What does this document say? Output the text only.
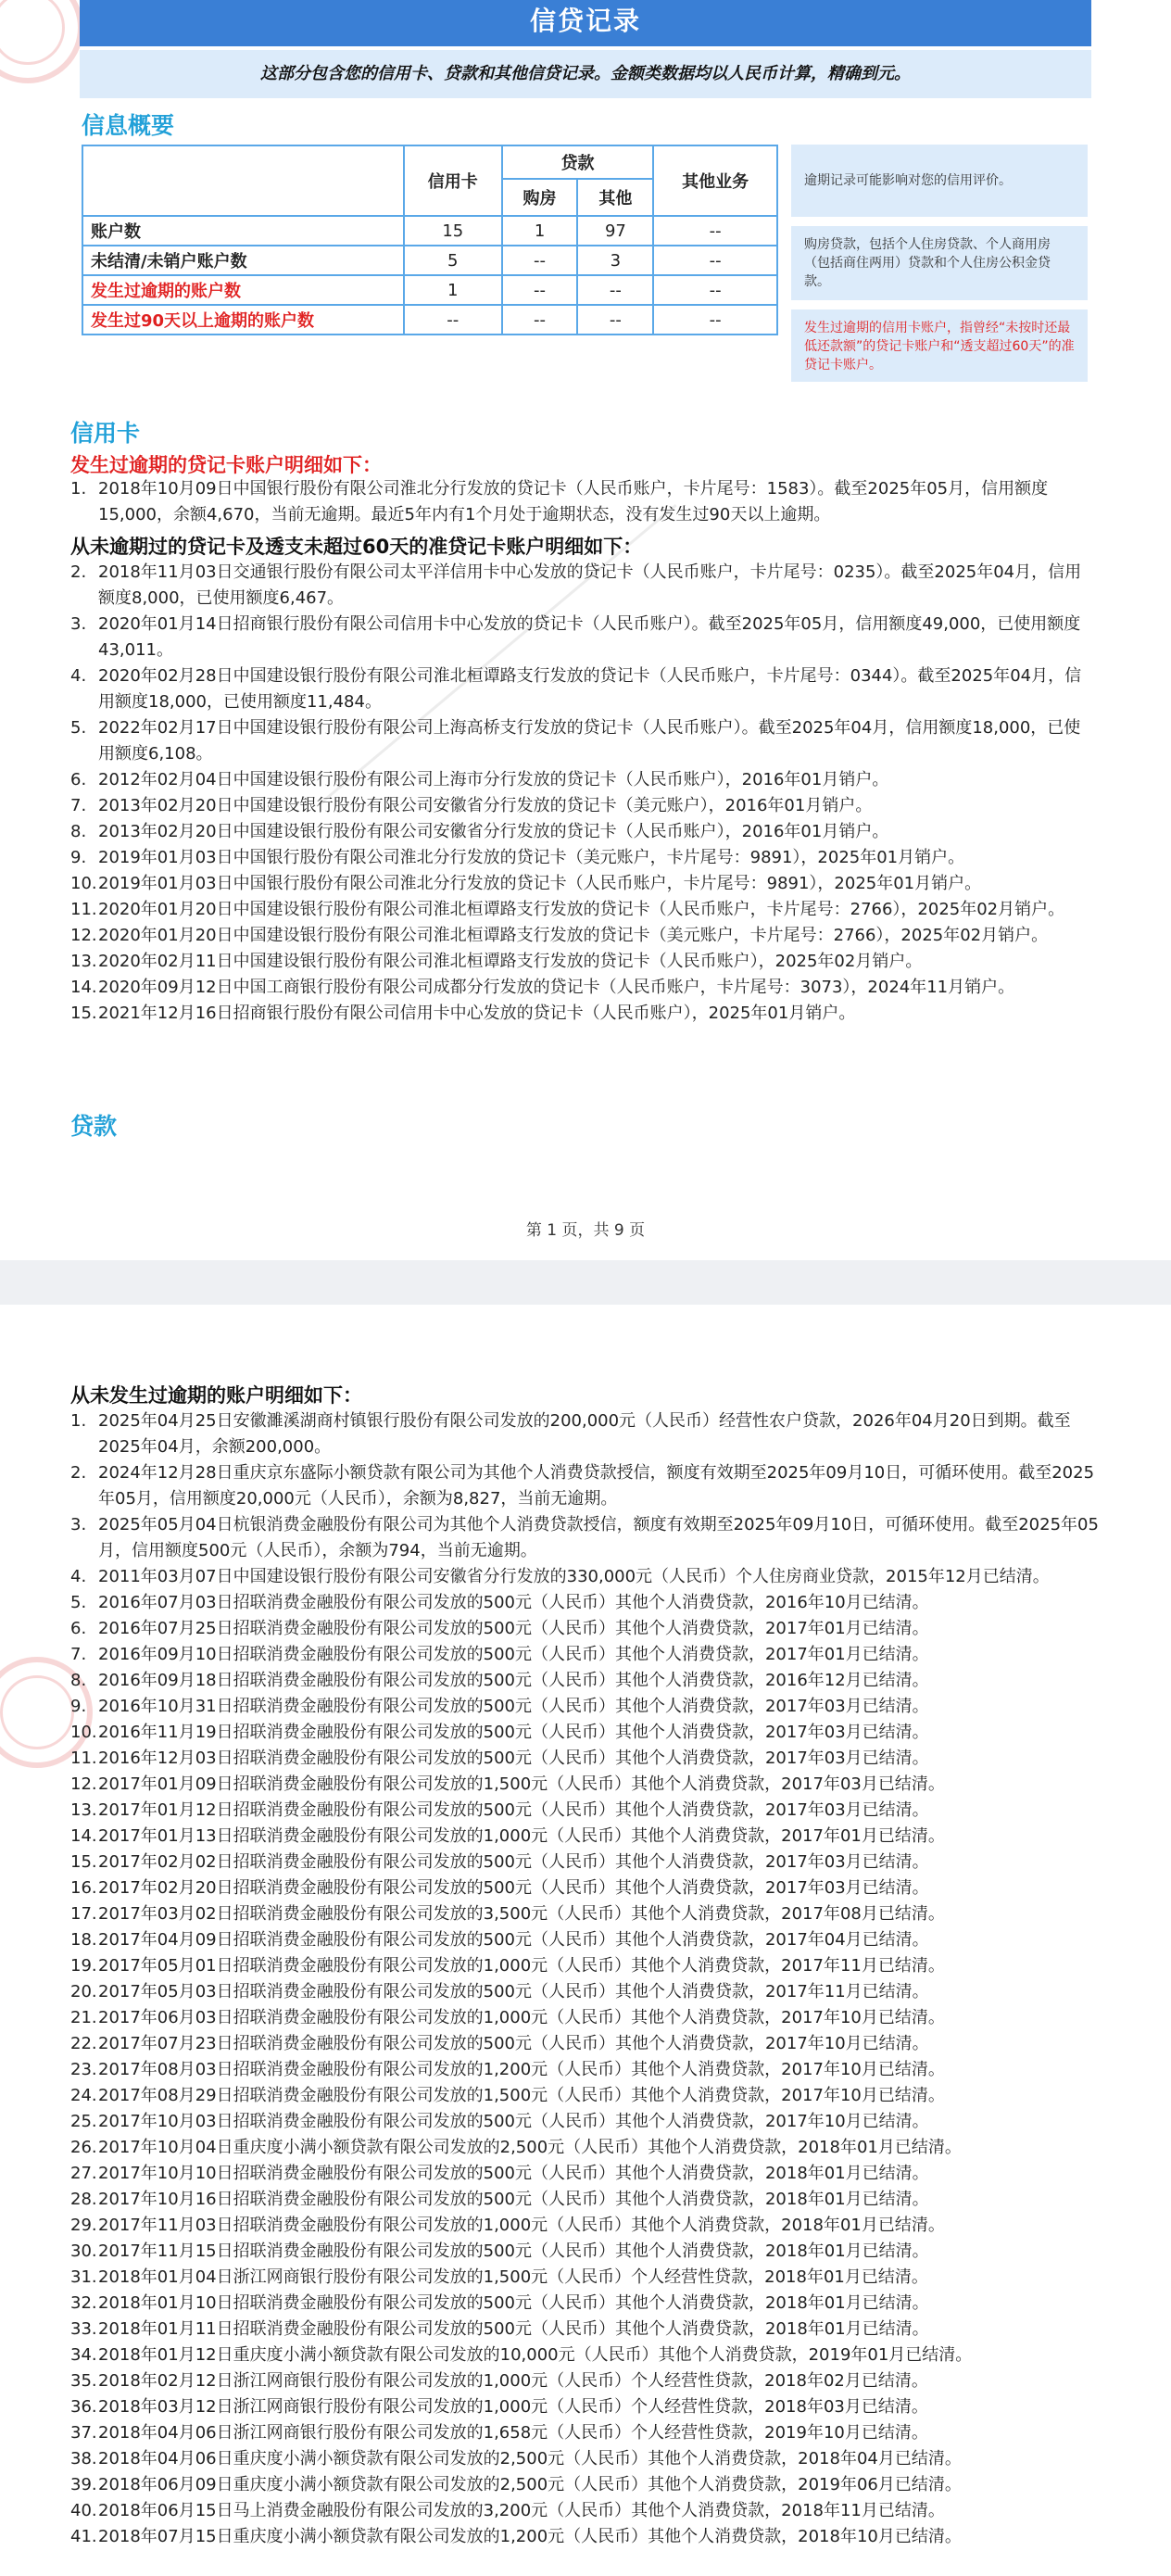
信贷记录
这部分包含您的信用卡、贷款和其他信贷记录。金额类数据均以人民币计算，精确到元。
信息概要
	信用卡	贷款		其他业务
		购房	其他	
账户数	15	1	97	--
未结清/未销户账户数	5	--	3	--
发生过逾期的账户数	1	--	--	--
发生过90天以上逾期的账户数	--	--	--	--
逾期记录可能影响对您的信用评价。
购房贷款，包括个人住房贷款、个人商用房（包括商住两用）贷款和个人住房公积金贷款。
发生过逾期的信用卡账户，指曾经“未按时还最低还款额”的贷记卡账户和“透支超过60天”的准贷记卡账户。
信用卡
发生过逾期的贷记卡账户明细如下：
1. 2018年10月09日中国银行股份有限公司淮北分行发放的贷记卡（人民币账户，卡片尾号：1583）。截至2025年05月，信用额度15,000，余额4,670，当前无逾期。最近5年内有1个月处于逾期状态，没有发生过90天以上逾期。
从未逾期过的贷记卡及透支未超过60天的准贷记卡账户明细如下：
2. 2018年11月03日交通银行股份有限公司太平洋信用卡中心发放的贷记卡（人民币账户，卡片尾号：0235）。截至2025年04月，信用额度8,000，已使用额度6,467。
3. 2020年01月14日招商银行股份有限公司信用卡中心发放的贷记卡（人民币账户）。截至2025年05月，信用额度49,000，已使用额度43,011。
4. 2020年02月28日中国建设银行股份有限公司淮北桓谭路支行发放的贷记卡（人民币账户，卡片尾号：0344）。截至2025年04月，信用额度18,000，已使用额度11,484。
5. 2022年02月17日中国建设银行股份有限公司上海高桥支行发放的贷记卡（人民币账户）。截至2025年04月，信用额度18,000，已使用额度6,108。
6. 2012年02月04日中国建设银行股份有限公司上海市分行发放的贷记卡（人民币账户），2016年01月销户。
7. 2013年02月20日中国建设银行股份有限公司安徽省分行发放的贷记卡（美元账户），2016年01月销户。
8. 2013年02月20日中国建设银行股份有限公司安徽省分行发放的贷记卡（人民币账户），2016年01月销户。
9. 2019年01月03日中国银行股份有限公司淮北分行发放的贷记卡（美元账户，卡片尾号：9891），2025年01月销户。
10. 2019年01月03日中国银行股份有限公司淮北分行发放的贷记卡（人民币账户，卡片尾号：9891），2025年01月销户。
11. 2020年01月20日中国建设银行股份有限公司淮北桓谭路支行发放的贷记卡（人民币账户，卡片尾号：2766），2025年02月销户。
12. 2020年01月20日中国建设银行股份有限公司淮北桓谭路支行发放的贷记卡（美元账户，卡片尾号：2766），2025年02月销户。
13. 2020年02月11日中国建设银行股份有限公司淮北桓谭路支行发放的贷记卡（人民币账户），2025年02月销户。
14. 2020年09月12日中国工商银行股份有限公司成都分行发放的贷记卡（人民币账户，卡片尾号：3073），2024年11月销户。
15. 2021年12月16日招商银行股份有限公司信用卡中心发放的贷记卡（人民币账户），2025年01月销户。
贷款
第 1 页，共 9 页
从未发生过逾期的账户明细如下：
1. 2025年04月25日安徽濉溪湖商村镇银行股份有限公司发放的200,000元（人民币）经营性农户贷款，2026年04月20日到期。截至2025年04月，余额200,000。
2. 2024年12月28日重庆京东盛际小额贷款有限公司为其他个人消费贷款授信，额度有效期至2025年09月10日，可循环使用。截至2025年05月，信用额度20,000元（人民币），余额为8,827，当前无逾期。
3. 2025年05月04日杭银消费金融股份有限公司为其他个人消费贷款授信，额度有效期至2025年09月10日，可循环使用。截至2025年05月，信用额度500元（人民币），余额为794，当前无逾期。
4. 2011年03月07日中国建设银行股份有限公司安徽省分行发放的330,000元（人民币）个人住房商业贷款，2015年12月已结清。
5. 2016年07月03日招联消费金融股份有限公司发放的500元（人民币）其他个人消费贷款，2016年10月已结清。
6. 2016年07月25日招联消费金融股份有限公司发放的500元（人民币）其他个人消费贷款，2017年01月已结清。
7. 2016年09月10日招联消费金融股份有限公司发放的500元（人民币）其他个人消费贷款，2017年01月已结清。
8. 2016年09月18日招联消费金融股份有限公司发放的500元（人民币）其他个人消费贷款，2016年12月已结清。
9. 2016年10月31日招联消费金融股份有限公司发放的500元（人民币）其他个人消费贷款，2017年03月已结清。
10. 2016年11月19日招联消费金融股份有限公司发放的500元（人民币）其他个人消费贷款，2017年03月已结清。
11. 2016年12月03日招联消费金融股份有限公司发放的500元（人民币）其他个人消费贷款，2017年03月已结清。
12. 2017年01月09日招联消费金融股份有限公司发放的1,500元（人民币）其他个人消费贷款，2017年03月已结清。
13. 2017年01月12日招联消费金融股份有限公司发放的500元（人民币）其他个人消费贷款，2017年03月已结清。
14. 2017年01月13日招联消费金融股份有限公司发放的1,000元（人民币）其他个人消费贷款，2017年01月已结清。
15. 2017年02月02日招联消费金融股份有限公司发放的500元（人民币）其他个人消费贷款，2017年03月已结清。
16. 2017年02月20日招联消费金融股份有限公司发放的500元（人民币）其他个人消费贷款，2017年03月已结清。
17. 2017年03月02日招联消费金融股份有限公司发放的3,500元（人民币）其他个人消费贷款，2017年08月已结清。
18. 2017年04月09日招联消费金融股份有限公司发放的500元（人民币）其他个人消费贷款，2017年04月已结清。
19. 2017年05月01日招联消费金融股份有限公司发放的1,000元（人民币）其他个人消费贷款，2017年11月已结清。
20. 2017年05月03日招联消费金融股份有限公司发放的500元（人民币）其他个人消费贷款，2017年11月已结清。
21. 2017年06月03日招联消费金融股份有限公司发放的1,000元（人民币）其他个人消费贷款，2017年10月已结清。
22. 2017年07月23日招联消费金融股份有限公司发放的500元（人民币）其他个人消费贷款，2017年10月已结清。
23. 2017年08月03日招联消费金融股份有限公司发放的1,200元（人民币）其他个人消费贷款，2017年10月已结清。
24. 2017年08月29日招联消费金融股份有限公司发放的1,500元（人民币）其他个人消费贷款，2017年10月已结清。
25. 2017年10月03日招联消费金融股份有限公司发放的500元（人民币）其他个人消费贷款，2017年10月已结清。
26. 2017年10月04日重庆度小满小额贷款有限公司发放的2,500元（人民币）其他个人消费贷款，2018年01月已结清。
27. 2017年10月10日招联消费金融股份有限公司发放的500元（人民币）其他个人消费贷款，2018年01月已结清。
28. 2017年10月16日招联消费金融股份有限公司发放的500元（人民币）其他个人消费贷款，2018年01月已结清。
29. 2017年11月03日招联消费金融股份有限公司发放的1,000元（人民币）其他个人消费贷款，2018年01月已结清。
30. 2017年11月15日招联消费金融股份有限公司发放的500元（人民币）其他个人消费贷款，2018年01月已结清。
31. 2018年01月04日浙江网商银行股份有限公司发放的1,500元（人民币）个人经营性贷款，2018年01月已结清。
32. 2018年01月10日招联消费金融股份有限公司发放的500元（人民币）其他个人消费贷款，2018年01月已结清。
33. 2018年01月11日招联消费金融股份有限公司发放的500元（人民币）其他个人消费贷款，2018年01月已结清。
34. 2018年01月12日重庆度小满小额贷款有限公司发放的10,000元（人民币）其他个人消费贷款，2019年01月已结清。
35. 2018年02月12日浙江网商银行股份有限公司发放的1,000元（人民币）个人经营性贷款，2018年02月已结清。
36. 2018年03月12日浙江网商银行股份有限公司发放的1,000元（人民币）个人经营性贷款，2018年03月已结清。
37. 2018年04月06日浙江网商银行股份有限公司发放的1,658元（人民币）个人经营性贷款，2019年10月已结清。
38. 2018年04月06日重庆度小满小额贷款有限公司发放的2,500元（人民币）其他个人消费贷款，2018年04月已结清。
39. 2018年06月09日重庆度小满小额贷款有限公司发放的2,500元（人民币）其他个人消费贷款，2019年06月已结清。
40. 2018年06月15日马上消费金融股份有限公司发放的3,200元（人民币）其他个人消费贷款，2018年11月已结清。
41. 2018年07月15日重庆度小满小额贷款有限公司发放的1,200元（人民币）其他个人消费贷款，2018年10月已结清。
